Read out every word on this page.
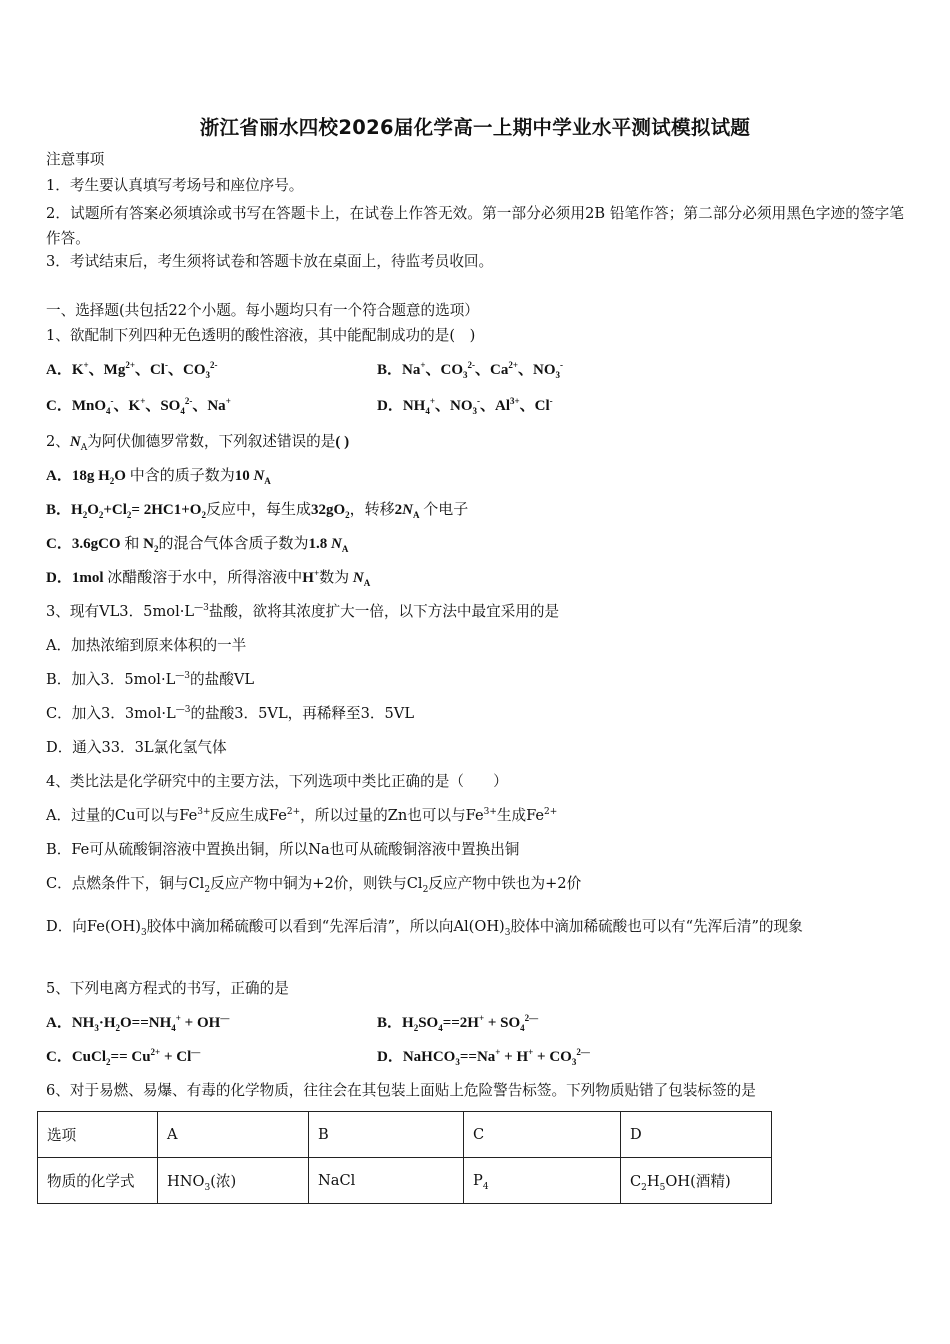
浙江省丽水四校2026届化学高一上期中学业水平测试模拟试题
注意事项
1．考生要认真填写考场号和座位序号。
2．试题所有答案必须填涂或书写在答题卡上，在试卷上作答无效。第一部分必须用2B 铅笔作答；第二部分必须用黑色字迹的签字笔作答。
3．考试结束后，考生须将试卷和答题卡放在桌面上，待监考员收回。
一、选择题(共包括22个小题。每小题均只有一个符合题意的选项）
1、欲配制下列四种无色透明的酸性溶液，其中能配制成功的是(　)
A．K+、$Mg^{2+}$、Cl-、$CO_3^{2-}$	B．Na+、$CO_3^{2-}$、$Ca^{2+}$、$NO_3^-$
C．MnO$_4$-、K+、$SO_4^{2-}$、Na+	D．$NH_4^+$、$NO_3^-$、$Al^{3+}$、Cl-
2、$N_A$为阿伏伽德罗常数，下列叙述错误的是( )
A．18g $H_2O$ 中含的质子数为10 $N_A$
B．$H_2O_2+Cl_2= 2HC1+O_2$反应中，每生成$32gO_2$，转移$2N_A$ 个电子
C．3.6gCO 和 $N_2$的混合气体含质子数为1.8 $N_A$
D．1mol 冰醋酸溶于水中，所得溶液中H+数为 $N_A$
3、现有VL3．$5mol\cdot L^{—3}$盐酸，欲将其浓度扩大一倍，以下方法中最宜采用的是
A．加热浓缩到原来体积的一半
B．加入3．$5mol\cdot L^{—3}$的盐酸VL
C．加入3．$3mol\cdot L^{—3}$的盐酸3．5VL，再稀释至3．5VL
D．通入33．3L氯化氢气体
4、类比法是化学研究中的主要方法，下列选项中类比正确的是（　　）
A．过量的Cu可以与$Fe^{3+}$反应生成$Fe^{2+}$，所以过量的Zn也可以与$Fe^{3+}$生成$Fe^{2+}$
B．Fe可从硫酸铜溶液中置换出铜，所以Na也可从硫酸铜溶液中置换出铜
C．点燃条件下，铜与$Cl_2$反应产物中铜为+2价，则铁与$Cl_2$反应产物中铁也为+2价
D．向$Fe(OH)_3$胶体中滴加稀硫酸可以看到“先浑后清”，所以向$Al(OH)_3$胶体中滴加稀硫酸也可以有“先浑后清”的现象
5、下列电离方程式的书写，正确的是
A．$NH_3\cdot H_2O==NH_4^+ + OH^—$	B．$H_2SO_4==2H^+ + SO_4^{2—}$
C．CuCl$_2$== $Cu^{2+} + Cl^—$	D．NaHCO$_3$==Na+ + $H^+ + CO_3^{2—}$
6、对于易燃、易爆、有毒的化学物质，往往会在其包装上面贴上危险警告标签。下列物质贴错了包装标签的是
选项	A	B	C	D
物质的化学式	$HNO_3$(浓)	NaCl	$P_4$	$C_2H_5OH$(酒精)
